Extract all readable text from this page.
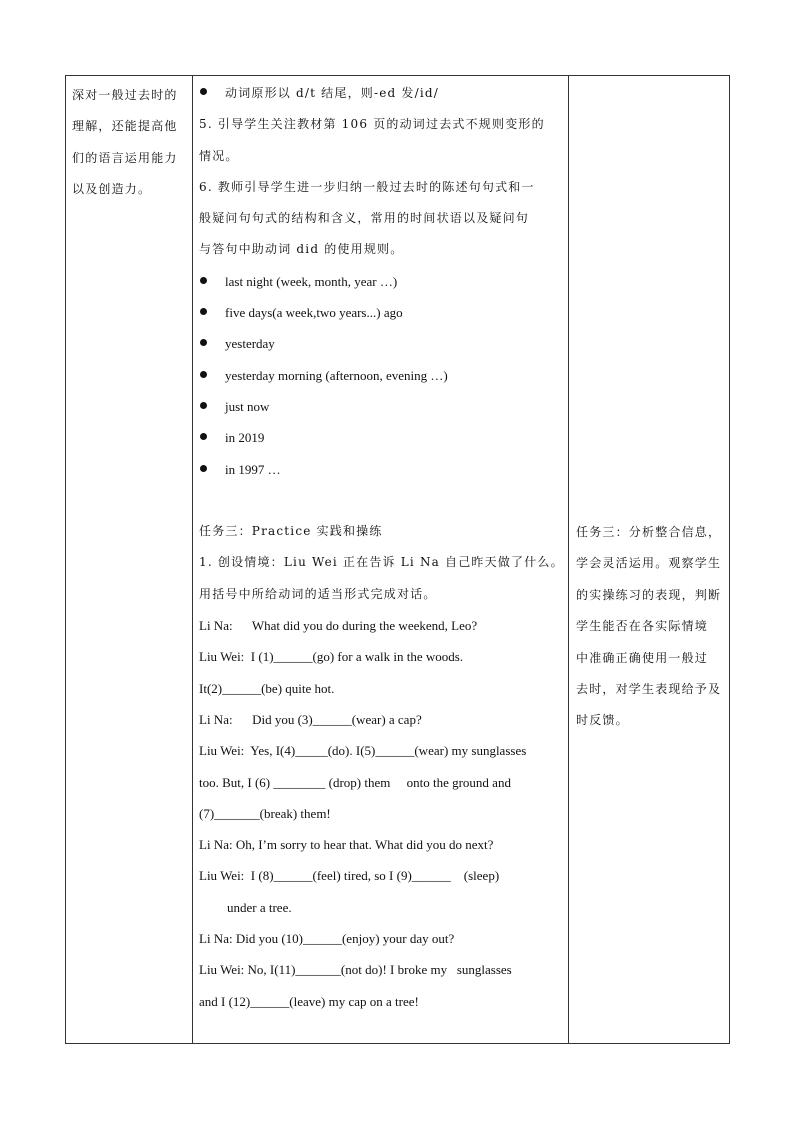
深对一般过去时的
理解，还能提高他
们的语言运用能力
以及创造力。
动词原形以 d/t 结尾，则-ed 发/id/
5. 引导学生关注教材第 106 页的动词过去式不规则变形的
情况。
6. 教师引导学生进一步归纳一般过去时的陈述句句式和一
般疑问句句式的结构和含义，常用的时间状语以及疑问句
与答句中助动词 did 的使用规则。
last night (week, month, year …)
five days(a week,two years...) ago
yesterday
yesterday morning (afternoon, evening …)
just now
in 2019
in 1997 …
任务三：Practice 实践和操练
1. 创设情境：Liu Wei 正在告诉 Li Na 自己昨天做了什么。
用括号中所给动词的适当形式完成对话。
Li Na:      What did you do during the weekend, Leo?
Liu Wei:  I (1)______(go) for a walk in the woods.
It(2)______(be) quite hot.
Li Na:      Did you (3)______(wear) a cap?
Liu Wei:  Yes, I(4)_____(do). I(5)______(wear) my sunglasses
too. But, I (6) ________ (drop) them     onto the ground and
(7)_______(break) them!
Li Na: Oh, I’m sorry to hear that. What did you do next?
Liu Wei:  I (8)______(feel) tired, so I (9)______    (sleep)
under a tree.
Li Na: Did you (10)______(enjoy) your day out?
Liu Wei: No, I(11)_______(not do)! I broke my   sunglasses
and I (12)______(leave) my cap on a tree!
任务三：分析整合信息，
学会灵活运用。观察学生
的实操练习的表现，判断
学生能否在各实际情境
中准确正确使用一般过
去时，对学生表现给予及
时反馈。
